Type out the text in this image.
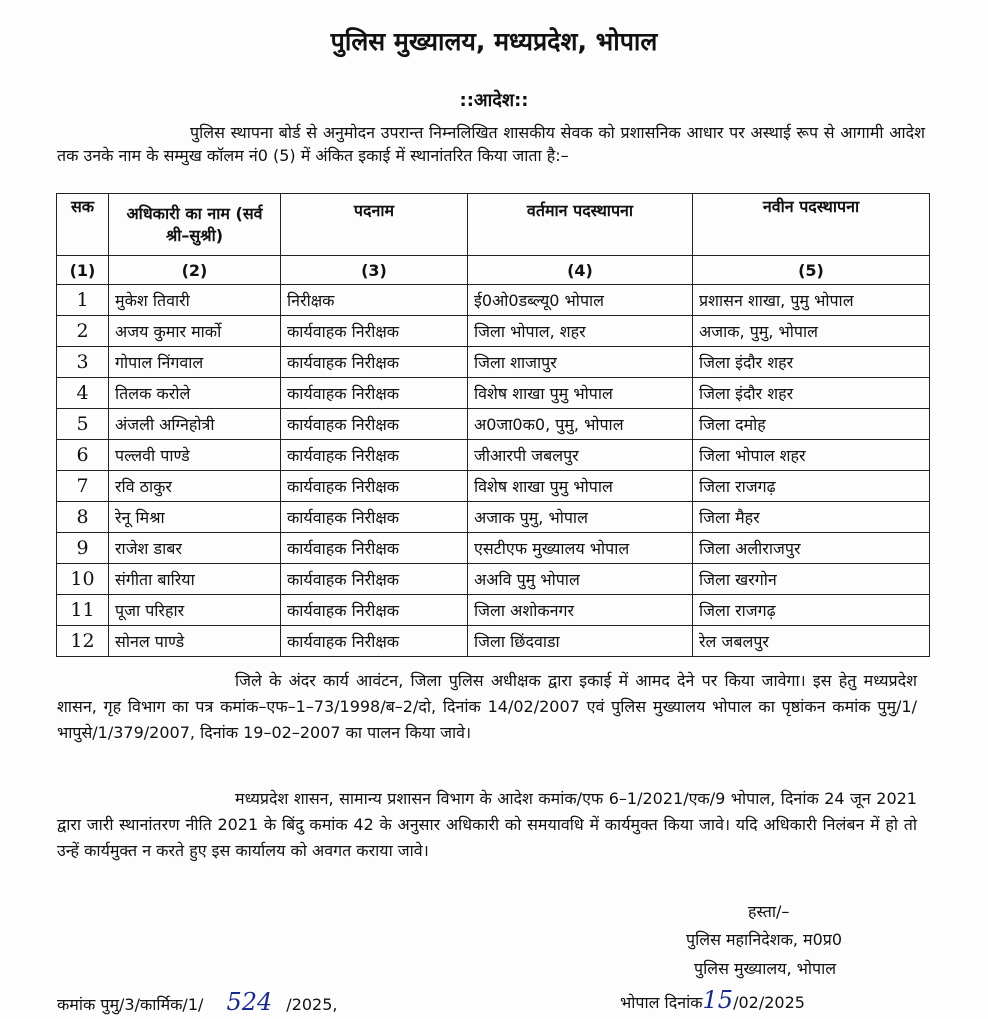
पुलिस मुख्यालय, मध्यप्रदेश, भोपाल
::आदेश::
पुलिस स्थापना बोर्ड से अनुमोदन उपरान्त निम्नलिखित शासकीय सेवक को प्रशासनिक आधार पर अस्थाई रूप से आगामी आदेश तक उनके नाम के सम्मुख कॉलम नं0 (5) में अंकित इकाई में स्थानांतरित किया जाता है:–
सक	अधिकारी का नाम (सर्व श्री–सुश्री)	पदनाम	वर्तमान पदस्थापना	नवीन पदस्थापना
(1)	(2)	(3)	(4)	(5)
1	मुकेश तिवारी	निरीक्षक	ई0ओ0डब्ल्यू0 भोपाल	प्रशासन शाखा, पुमु भोपाल
2	अजय कुमार मार्को	कार्यवाहक निरीक्षक	जिला भोपाल, शहर	अजाक, पुमु, भोपाल
3	गोपाल निंगवाल	कार्यवाहक निरीक्षक	जिला शाजापुर	जिला इंदौर शहर
4	तिलक करोले	कार्यवाहक निरीक्षक	विशेष शाखा पुमु भोपाल	जिला इंदौर शहर
5	अंजली अग्निहोत्री	कार्यवाहक निरीक्षक	अ0जा0क0, पुमु, भोपाल	जिला दमोह
6	पल्लवी पाण्डे	कार्यवाहक निरीक्षक	जीआरपी जबलपुर	जिला भोपाल शहर
7	रवि ठाकुर	कार्यवाहक निरीक्षक	विशेष शाखा पुमु भोपाल	जिला राजगढ़
8	रेनू मिश्रा	कार्यवाहक निरीक्षक	अजाक पुमु, भोपाल	जिला मैहर
9	राजेश डाबर	कार्यवाहक निरीक्षक	एसटीएफ मुख्यालय भोपाल	जिला अलीराजपुर
10	संगीता बारिया	कार्यवाहक निरीक्षक	अअवि पुमु भोपाल	जिला खरगोन
11	पूजा परिहार	कार्यवाहक निरीक्षक	जिला अशोकनगर	जिला राजगढ़
12	सोनल पाण्डे	कार्यवाहक निरीक्षक	जिला छिंदवाडा	रेल जबलपुर
जिले के अंदर कार्य आवंटन, जिला पुलिस अधीक्षक द्वारा इकाई में आमद देने पर किया जावेगा। इस हेतु मध्यप्रदेश शासन, गृह विभाग का पत्र कमांक–एफ–1–73/1998/ब–2/दो, दिनांक 14/02/2007 एवं पुलिस मुख्यालय भोपाल का पृष्ठांकन कमांक पुमु/1/भापुसे/1/379/2007, दिनांक 19–02–2007 का पालन किया जावे।
मध्यप्रदेश शासन, सामान्य प्रशासन विभाग के आदेश कमांक/एफ 6–1/2021/एक/9 भोपाल, दिनांक 24 जून 2021 द्वारा जारी स्थानांतरण नीति 2021 के बिंदु कमांक 42 के अनुसार अधिकारी को समयावधि में कार्यमुक्त किया जावे। यदि अधिकारी निलंबन में हो तो उन्हें कार्यमुक्त न करते हुए इस कार्यालय को अवगत कराया जावे।
हस्ता/–
पुलिस महानिदेशक, म0प्र0
पुलिस मुख्यालय, भोपाल
कमांक पुमु/3/कार्मिक/1/ 524 /2025,	भोपाल दिनांक15/02/2025
